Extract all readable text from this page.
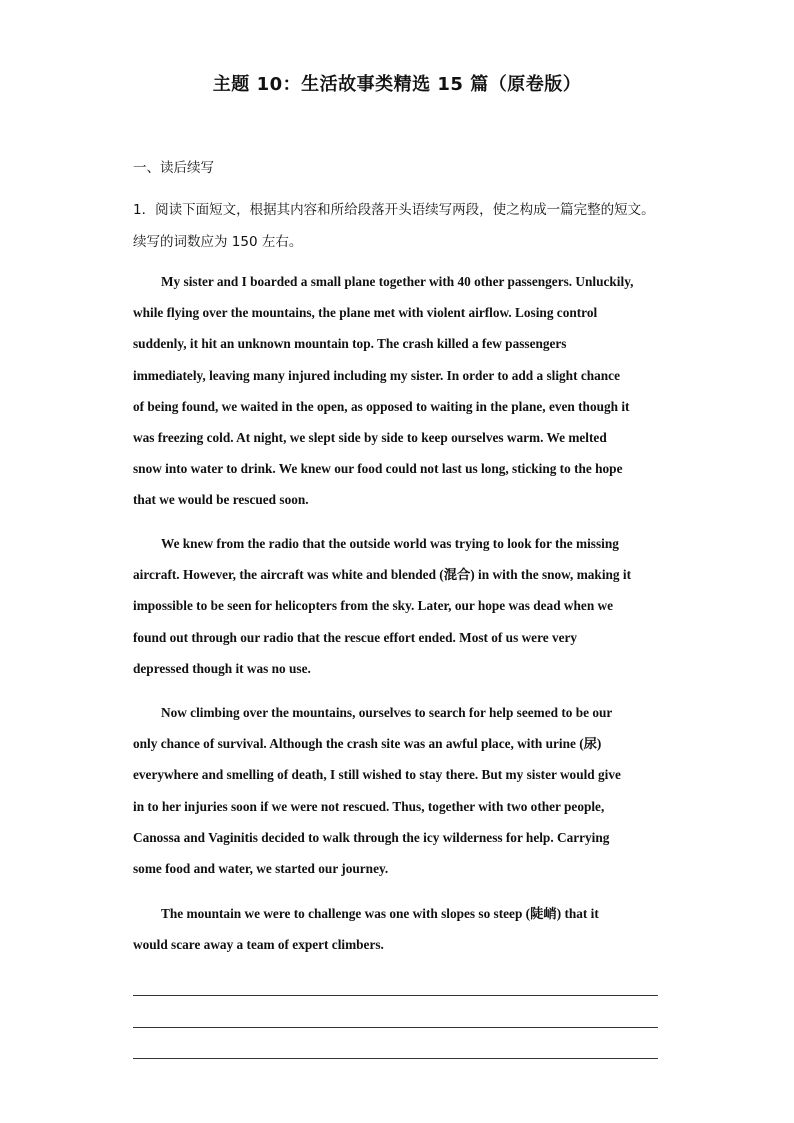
主题 10：生活故事类精选 15 篇（原卷版）
一、读后续写
1．阅读下面短文，根据其内容和所给段落开头语续写两段，使之构成一篇完整的短文。
续写的词数应为 150 左右。
My sister and I boarded a small plane together with 40 other passengers. Unluckily,
while flying over the mountains, the plane met with violent airflow. Losing control
suddenly, it hit an unknown mountain top. The crash killed a few passengers
immediately, leaving many injured including my sister. In order to add a slight chance
of being found, we waited in the open, as opposed to waiting in the plane, even though it
was freezing cold. At night, we slept side by side to keep ourselves warm. We melted
snow into water to drink. We knew our food could not last us long, sticking to the hope
that we would be rescued soon.
We knew from the radio that the outside world was trying to look for the missing
aircraft. However, the aircraft was white and blended (混合) in with the snow, making it
impossible to be seen for helicopters from the sky. Later, our hope was dead when we
found out through our radio that the rescue effort ended. Most of us were very
depressed though it was no use.
Now climbing over the mountains, ourselves to search for help seemed to be our
only chance of survival. Although the crash site was an awful place, with urine (尿)
everywhere and smelling of death, I still wished to stay there. But my sister would give
in to her injuries soon if we were not rescued. Thus, together with two other people,
Canossa and Vaginitis decided to walk through the icy wilderness for help. Carrying
some food and water, we started our journey.
The mountain we were to challenge was one with slopes so steep (陡峭) that it
would scare away a team of expert climbers.
